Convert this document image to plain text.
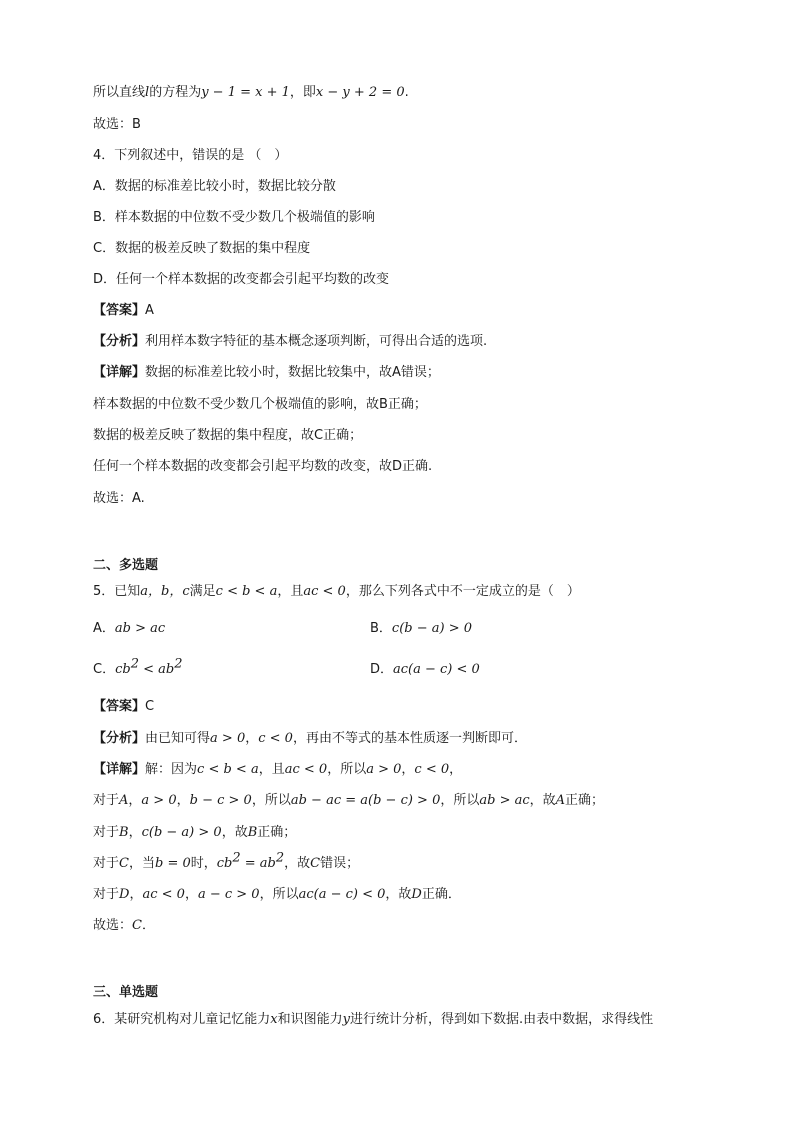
所以直线l的方程为y − 1 = x + 1，即x − y + 2 = 0.
故选：B
4．下列叙述中，错误的是 （　）
A．数据的标准差比较小时，数据比较分散
B．样本数据的中位数不受少数几个极端值的影响
C．数据的极差反映了数据的集中程度
D．任何一个样本数据的改变都会引起平均数的改变
【答案】A
【分析】利用样本数字特征的基本概念逐项判断，可得出合适的选项.
【详解】数据的标准差比较小时，数据比较集中，故A错误；
样本数据的中位数不受少数几个极端值的影响，故B正确；
数据的极差反映了数据的集中程度，故C正确；
任何一个样本数据的改变都会引起平均数的改变，故D正确.
故选：A.
二、多选题
5．已知a，b，c满足c < b < a，且ac < 0，那么下列各式中不一定成立的是（　）
A．ab > ac	B．c(b − a) > 0
C．$cb^2 < ab^2$	D．ac(a − c) < 0
【答案】C
【分析】由已知可得a > 0，c < 0，再由不等式的基本性质逐一判断即可．
【详解】解：因为c < b < a，且ac < 0，所以a > 0，c < 0，
对于A，a > 0，b − c > 0，所以ab − ac = a(b − c) > 0，所以ab > ac，故A正确；
对于B，c(b − a) > 0，故B正确；
对于C，当b = 0时，$cb^2 = ab^2$，故C错误；
对于D，ac < 0，a − c > 0，所以ac(a − c) < 0，故D正确．
故选：C．
三、单选题
6．某研究机构对儿童记忆能力x和识图能力y进行统计分析，得到如下数据.由表中数据，求得线性
